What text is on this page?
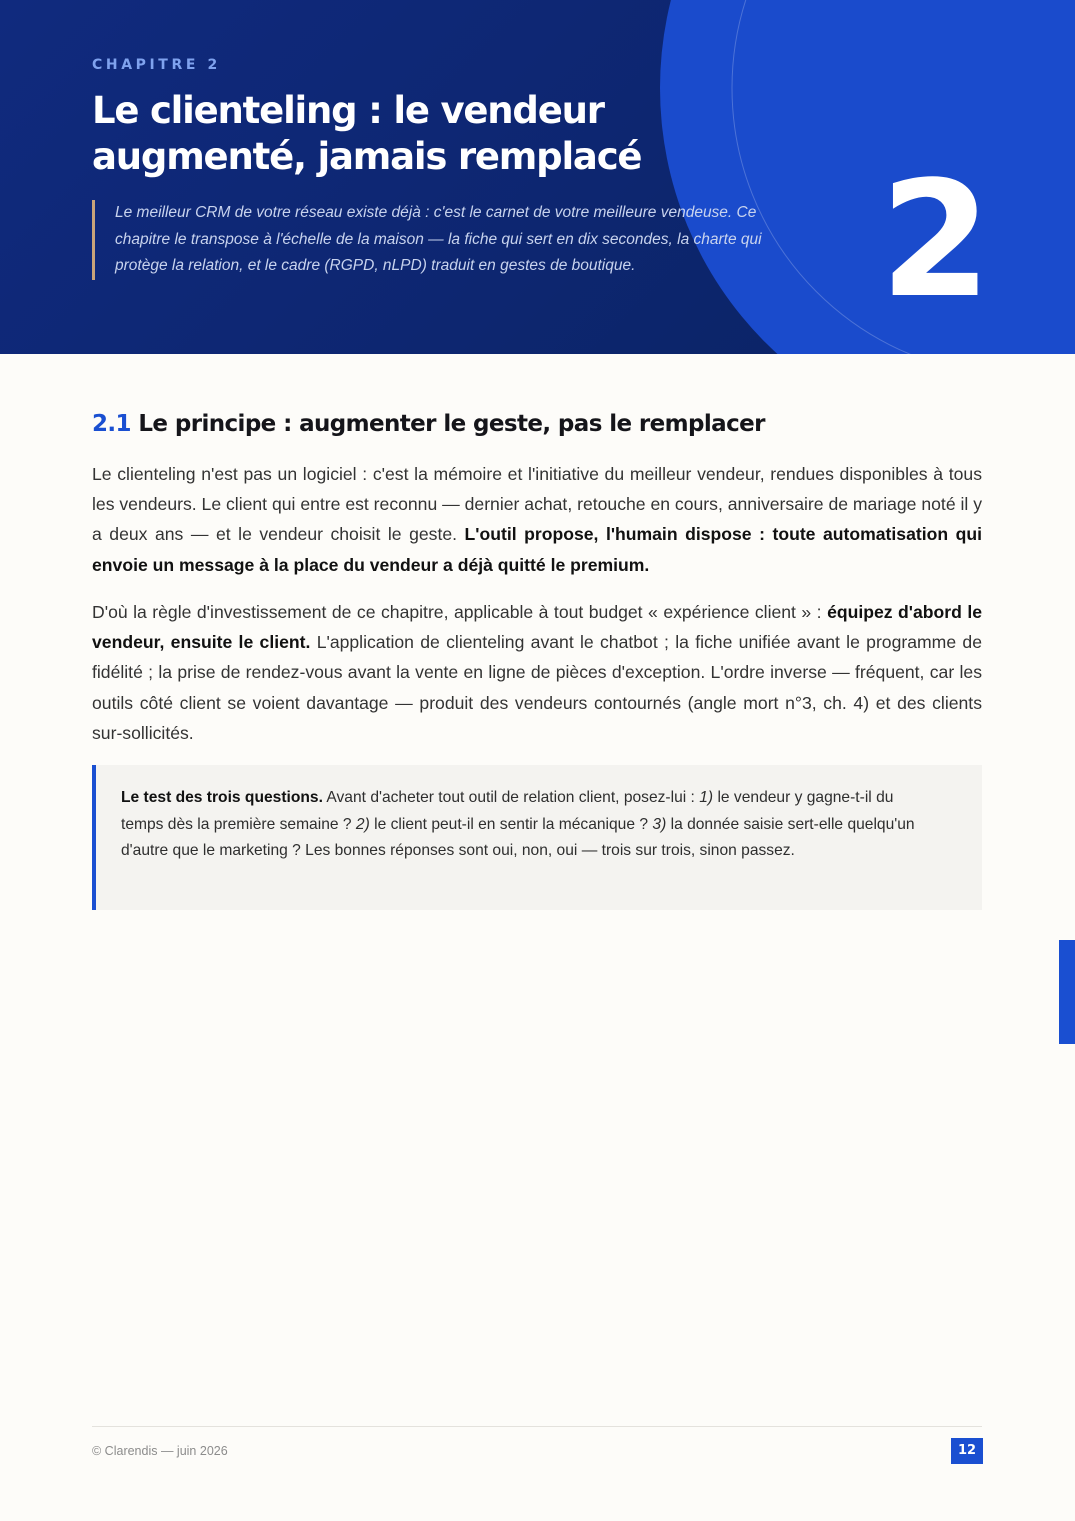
CHAPITRE 2
Le clienteling : le vendeur augmenté, jamais remplacé
Le meilleur CRM de votre réseau existe déjà : c'est le carnet de votre meilleure vendeuse. Ce chapitre le transpose à l'échelle de la maison — la fiche qui sert en dix secondes, la charte qui protège la relation, et le cadre (RGPD, nLPD) traduit en gestes de boutique.	2
2.1 Le principe : augmenter le geste, pas le remplacer

Le clienteling n'est pas un logiciel : c'est la mémoire et l'initiative du meilleur vendeur, rendues disponibles à tous les vendeurs. Le client qui entre est reconnu — dernier achat, retouche en cours, anniversaire de mariage noté il y a deux ans — et le vendeur choisit le geste. L'outil propose, l'humain dispose : toute automatisation qui envoie un message à la place du vendeur a déjà quitté le premium.

D'où la règle d'investissement de ce chapitre, applicable à tout budget « expérience client » : équipez d'abord le vendeur, ensuite le client. L'application de clienteling avant le chatbot ; la fiche unifiée avant le programme de fidélité ; la prise de rendez-vous avant la vente en ligne de pièces d'exception. L'ordre inverse — fréquent, car les outils côté client se voient davantage — produit des vendeurs contournés (angle mort n°3, ch. 4) et des clients sur-sollicités.

Le test des trois questions. Avant d'acheter tout outil de relation client, posez-lui : 1) le vendeur y gagne-t-il du temps dès la première semaine ? 2) le client peut-il en sentir la mécanique ? 3) la donnée saisie sert-elle quelqu'un d'autre que le marketing ? Les bonnes réponses sont oui, non, oui — trois sur trois, sinon passez.
© Clarendis — juin 2026	12
